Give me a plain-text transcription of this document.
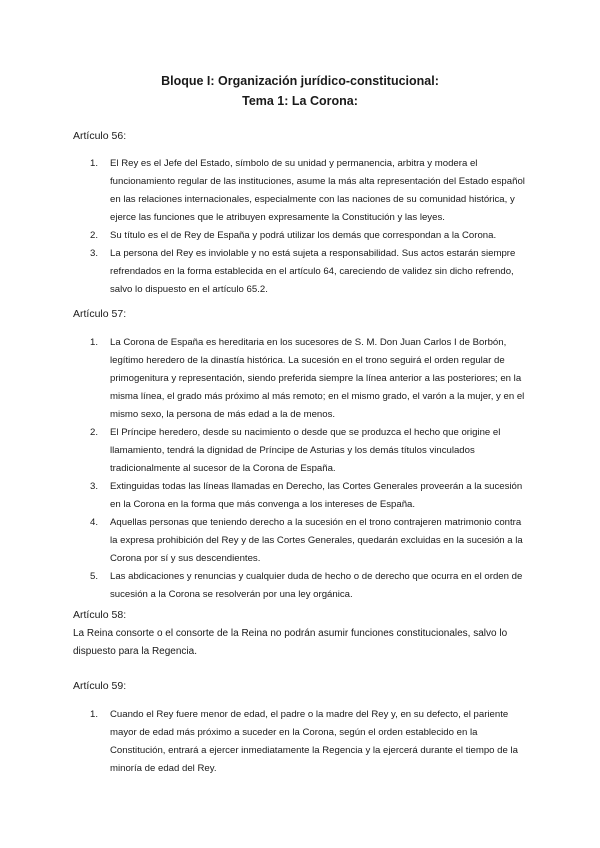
Bloque I: Organización jurídico-constitucional:
Tema 1: La Corona:
Artículo 56:
1. El Rey es el Jefe del Estado, símbolo de su unidad y permanencia, arbitra y modera el funcionamiento regular de las instituciones, asume la más alta representación del Estado español en las relaciones internacionales, especialmente con las naciones de su comunidad histórica, y ejerce las funciones que le atribuyen expresamente la Constitución y las leyes.
2. Su título es el de Rey de España y podrá utilizar los demás que correspondan a la Corona.
3. La persona del Rey es inviolable y no está sujeta a responsabilidad. Sus actos estarán siempre refrendados en la forma establecida en el artículo 64, careciendo de validez sin dicho refrendo, salvo lo dispuesto en el artículo 65.2.
Artículo 57:
1. La Corona de España es hereditaria en los sucesores de S. M. Don Juan Carlos I de Borbón, legítimo heredero de la dinastía histórica. La sucesión en el trono seguirá el orden regular de primogenitura y representación, siendo preferida siempre la línea anterior a las posteriores; en la misma línea, el grado más próximo al más remoto; en el mismo grado, el varón a la mujer, y en el mismo sexo, la persona de más edad a la de menos.
2. El Príncipe heredero, desde su nacimiento o desde que se produzca el hecho que origine el llamamiento, tendrá la dignidad de Príncipe de Asturias y los demás títulos vinculados tradicionalmente al sucesor de la Corona de España.
3. Extinguidas todas las líneas llamadas en Derecho, las Cortes Generales proveerán a la sucesión en la Corona en la forma que más convenga a los intereses de España.
4. Aquellas personas que teniendo derecho a la sucesión en el trono contrajeren matrimonio contra la expresa prohibición del Rey y de las Cortes Generales, quedarán excluidas en la sucesión a la Corona por sí y sus descendientes.
5. Las abdicaciones y renuncias y cualquier duda de hecho o de derecho que ocurra en el orden de sucesión a la Corona se resolverán por una ley orgánica.
Artículo 58:
La Reina consorte o el consorte de la Reina no podrán asumir funciones constitucionales, salvo lo dispuesto para la Regencia.
Artículo 59:
1. Cuando el Rey fuere menor de edad, el padre o la madre del Rey y, en su defecto, el pariente mayor de edad más próximo a suceder en la Corona, según el orden establecido en la Constitución, entrará a ejercer inmediatamente la Regencia y la ejercerá durante el tiempo de la minoría de edad del Rey.
